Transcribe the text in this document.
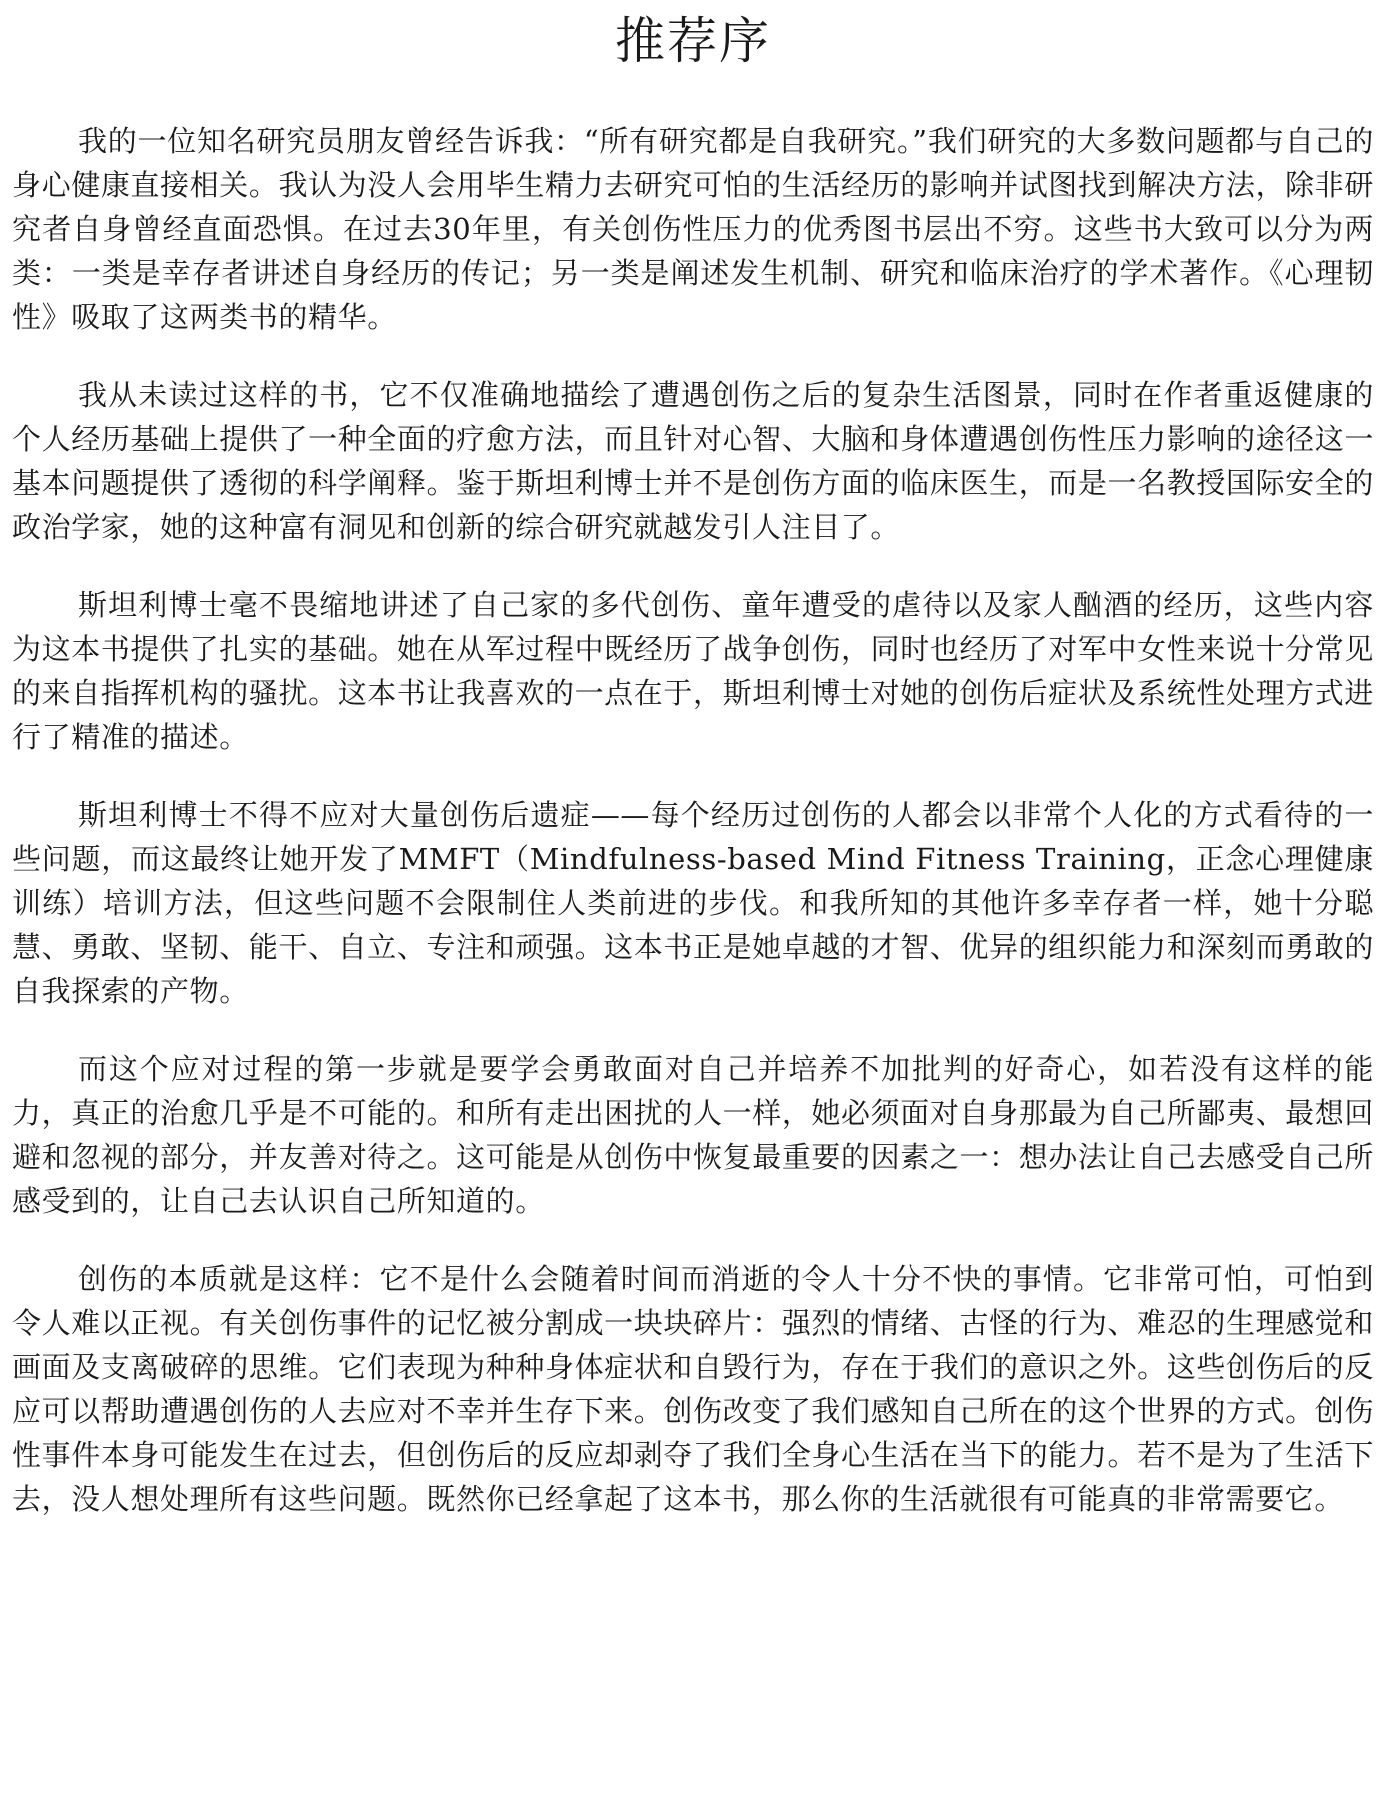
推荐序

我的一位知名研究员朋友曾经告诉我：“所有研究都是自我研究。”我们研究的大多数问题都与自己的身心健康直接相关。我认为没人会用毕生精力去研究可怕的生活经历的影响并试图找到解决方法，除非研究者自身曾经直面恐惧。在过去30年里，有关创伤性压力的优秀图书层出不穷。这些书大致可以分为两类：一类是幸存者讲述自身经历的传记；另一类是阐述发生机制、研究和临床治疗的学术著作。《心理韧性》吸取了这两类书的精华。

我从未读过这样的书，它不仅准确地描绘了遭遇创伤之后的复杂生活图景，同时在作者重返健康的个人经历基础上提供了一种全面的疗愈方法，而且针对心智、大脑和身体遭遇创伤性压力影响的途径这一基本问题提供了透彻的科学阐释。鉴于斯坦利博士并不是创伤方面的临床医生，而是一名教授国际安全的政治学家，她的这种富有洞见和创新的综合研究就越发引人注目了。

斯坦利博士毫不畏缩地讲述了自己家的多代创伤、童年遭受的虐待以及家人酗酒的经历，这些内容为这本书提供了扎实的基础。她在从军过程中既经历了战争创伤，同时也经历了对军中女性来说十分常见的来自指挥机构的骚扰。这本书让我喜欢的一点在于，斯坦利博士对她的创伤后症状及系统性处理方式进行了精准的描述。

斯坦利博士不得不应对大量创伤后遗症——每个经历过创伤的人都会以非常个人化的方式看待的一些问题，而这最终让她开发了MMFT（Mindfulness-based Mind Fitness Training，正念心理健康训练）培训方法，但这些问题不会限制住人类前进的步伐。和我所知的其他许多幸存者一样，她十分聪慧、勇敢、坚韧、能干、自立、专注和顽强。这本书正是她卓越的才智、优异的组织能力和深刻而勇敢的自我探索的产物。

而这个应对过程的第一步就是要学会勇敢面对自己并培养不加批判的好奇心，如若没有这样的能力，真正的治愈几乎是不可能的。和所有走出困扰的人一样，她必须面对自身那最为自己所鄙夷、最想回避和忽视的部分，并友善对待之。这可能是从创伤中恢复最重要的因素之一：想办法让自己去感受自己所感受到的，让自己去认识自己所知道的。

创伤的本质就是这样：它不是什么会随着时间而消逝的令人十分不快的事情。它非常可怕，可怕到令人难以正视。有关创伤事件的记忆被分割成一块块碎片：强烈的情绪、古怪的行为、难忍的生理感觉和画面及支离破碎的思维。它们表现为种种身体症状和自毁行为，存在于我们的意识之外。这些创伤后的反应可以帮助遭遇创伤的人去应对不幸并生存下来。创伤改变了我们感知自己所在的这个世界的方式。创伤性事件本身可能发生在过去，但创伤后的反应却剥夺了我们全身心生活在当下的能力。若不是为了生活下去，没人想处理所有这些问题。既然你已经拿起了这本书，那么你的生活就很有可能真的非常需要它。
